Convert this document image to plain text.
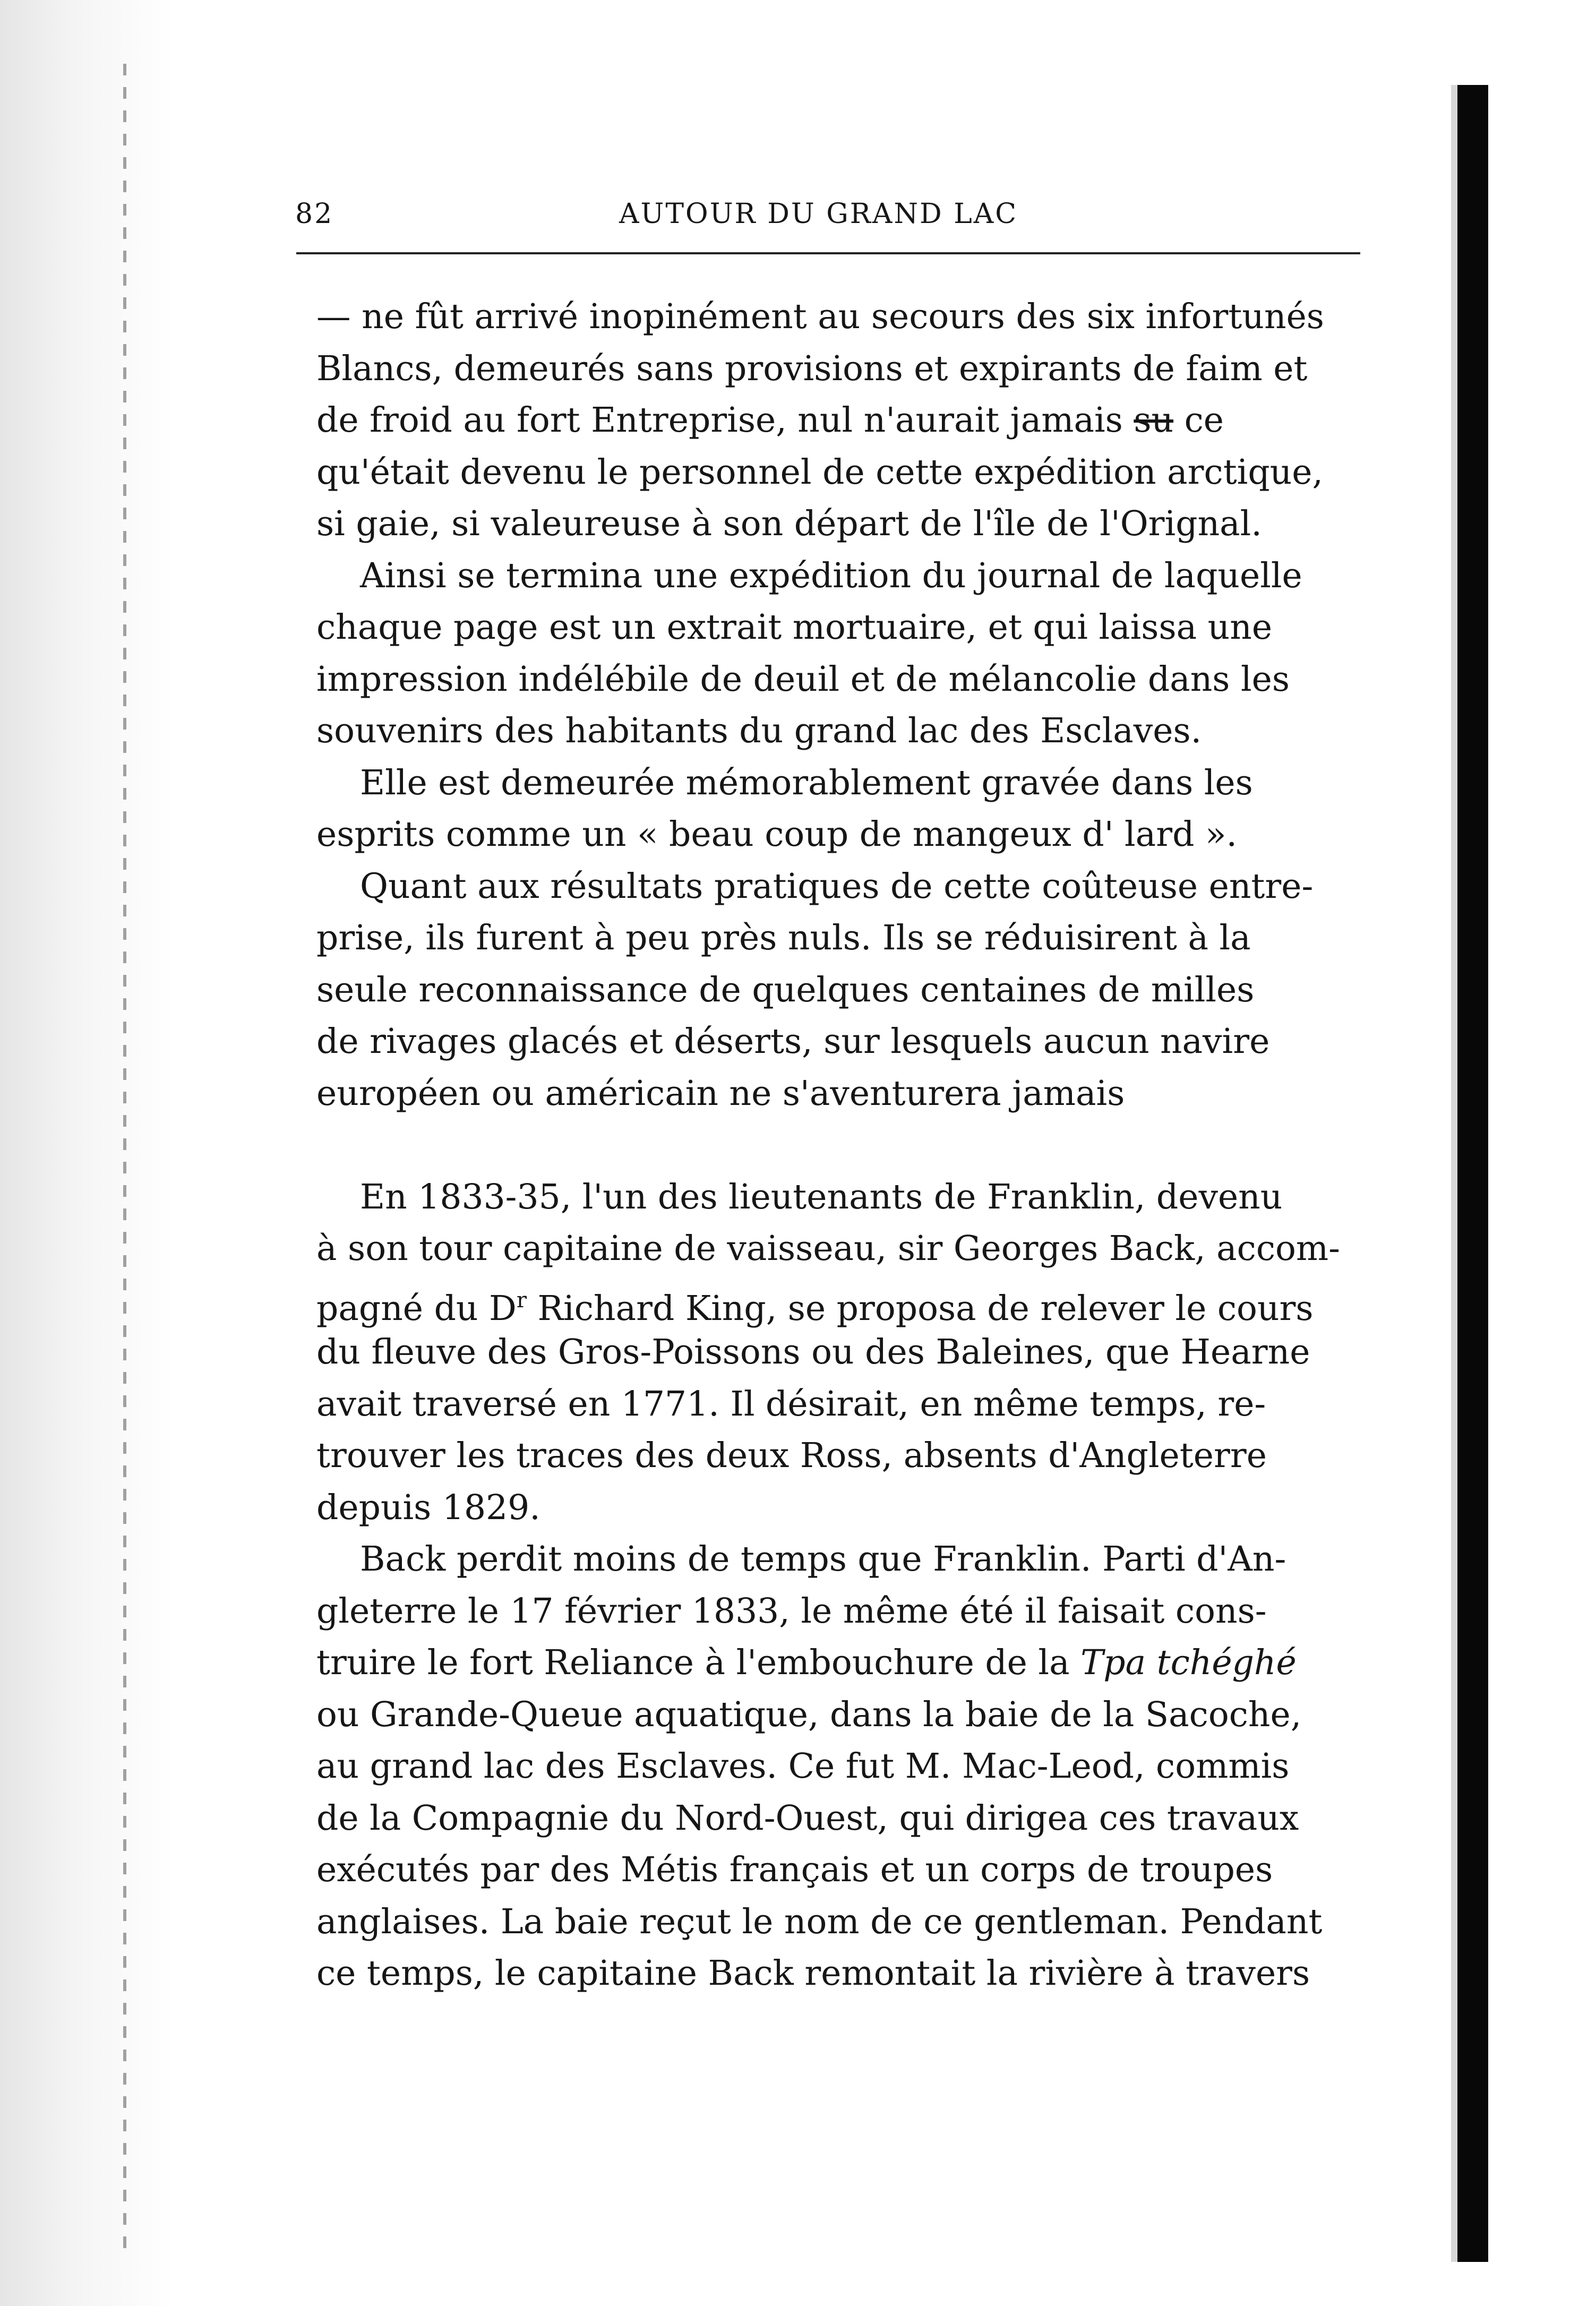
82	AUTOUR DU GRAND LAC
— ne fût arrivé inopinément au secours des six infortunés
Blancs, demeurés sans provisions et expirants de faim et
de froid au fort Entreprise, nul n'aurait jamais su ce
qu'était devenu le personnel de cette expédition arctique,
si gaie, si valeureuse à son départ de l'île de l'Orignal.
Ainsi se termina une expédition du journal de laquelle
chaque page est un extrait mortuaire, et qui laissa une
impression indélébile de deuil et de mélancolie dans les
souvenirs des habitants du grand lac des Esclaves.
Elle est demeurée mémorablement gravée dans les
esprits comme un « beau coup de mangeux d' lard ».
Quant aux résultats pratiques de cette coûteuse entre-
prise, ils furent à peu près nuls. Ils se réduisirent à la
seule reconnaissance de quelques centaines de milles
de rivages glacés et déserts, sur lesquels aucun navire
européen ou américain ne s'aventurera jamais
En 1833-35, l'un des lieutenants de Franklin, devenu
à son tour capitaine de vaisseau, sir Georges Back, accom-
pagné du $D^r$ Richard King, se proposa de relever le cours
du fleuve des Gros-Poissons ou des Baleines, que Hearne
avait traversé en 1771. Il désirait, en même temps, re-
trouver les traces des deux Ross, absents d'Angleterre
depuis 1829.
Back perdit moins de temps que Franklin. Parti d'An-
gleterre le 17 février 1833, le même été il faisait cons-
truire le fort Reliance à l'embouchure de la Tpa tchéghé
ou Grande-Queue aquatique, dans la baie de la Sacoche,
au grand lac des Esclaves. Ce fut M. Mac-Leod, commis
de la Compagnie du Nord-Ouest, qui dirigea ces travaux
exécutés par des Métis français et un corps de troupes
anglaises. La baie reçut le nom de ce gentleman. Pendant
ce temps, le capitaine Back remontait la rivière à travers
